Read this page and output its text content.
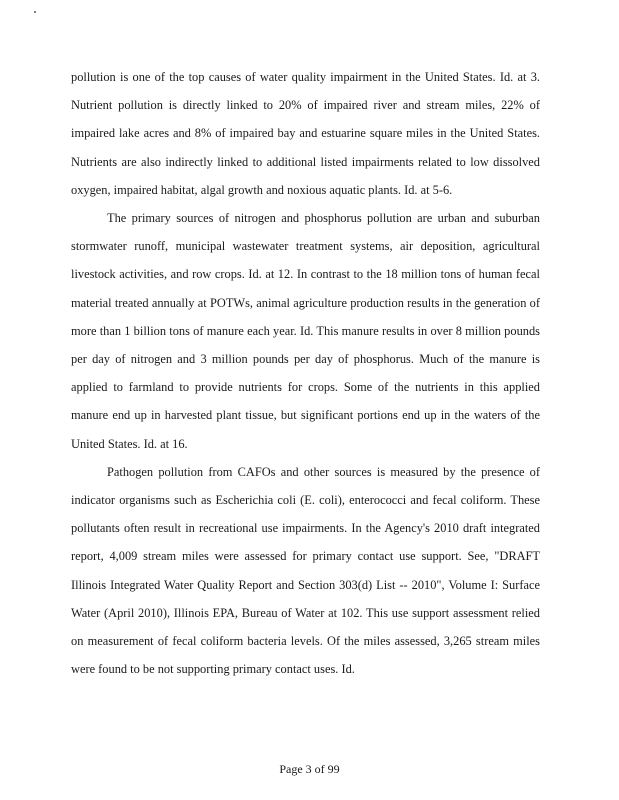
pollution is one of the top causes of water quality impairment in the United States. Id. at 3. Nutrient pollution is directly linked to 20% of impaired river and stream miles, 22% of impaired lake acres and 8% of impaired bay and estuarine square miles in the United States. Nutrients are also indirectly linked to additional listed impairments related to low dissolved oxygen, impaired habitat, algal growth and noxious aquatic plants. Id. at 5-6.

The primary sources of nitrogen and phosphorus pollution are urban and suburban stormwater runoff, municipal wastewater treatment systems, air deposition, agricultural livestock activities, and row crops. Id. at 12. In contrast to the 18 million tons of human fecal material treated annually at POTWs, animal agriculture production results in the generation of more than 1 billion tons of manure each year. Id. This manure results in over 8 million pounds per day of nitrogen and 3 million pounds per day of phosphorus. Much of the manure is applied to farmland to provide nutrients for crops. Some of the nutrients in this applied manure end up in harvested plant tissue, but significant portions end up in the waters of the United States. Id. at 16.

Pathogen pollution from CAFOs and other sources is measured by the presence of indicator organisms such as Escherichia coli (E. coli), enterococci and fecal coliform. These pollutants often result in recreational use impairments. In the Agency's 2010 draft integrated report, 4,009 stream miles were assessed for primary contact use support. See, "DRAFT Illinois Integrated Water Quality Report and Section 303(d) List -- 2010", Volume I: Surface Water (April 2010), Illinois EPA, Bureau of Water at 102. This use support assessment relied on measurement of fecal coliform bacteria levels. Of the miles assessed, 3,265 stream miles were found to be not supporting primary contact uses. Id.

Page 3 of 99
